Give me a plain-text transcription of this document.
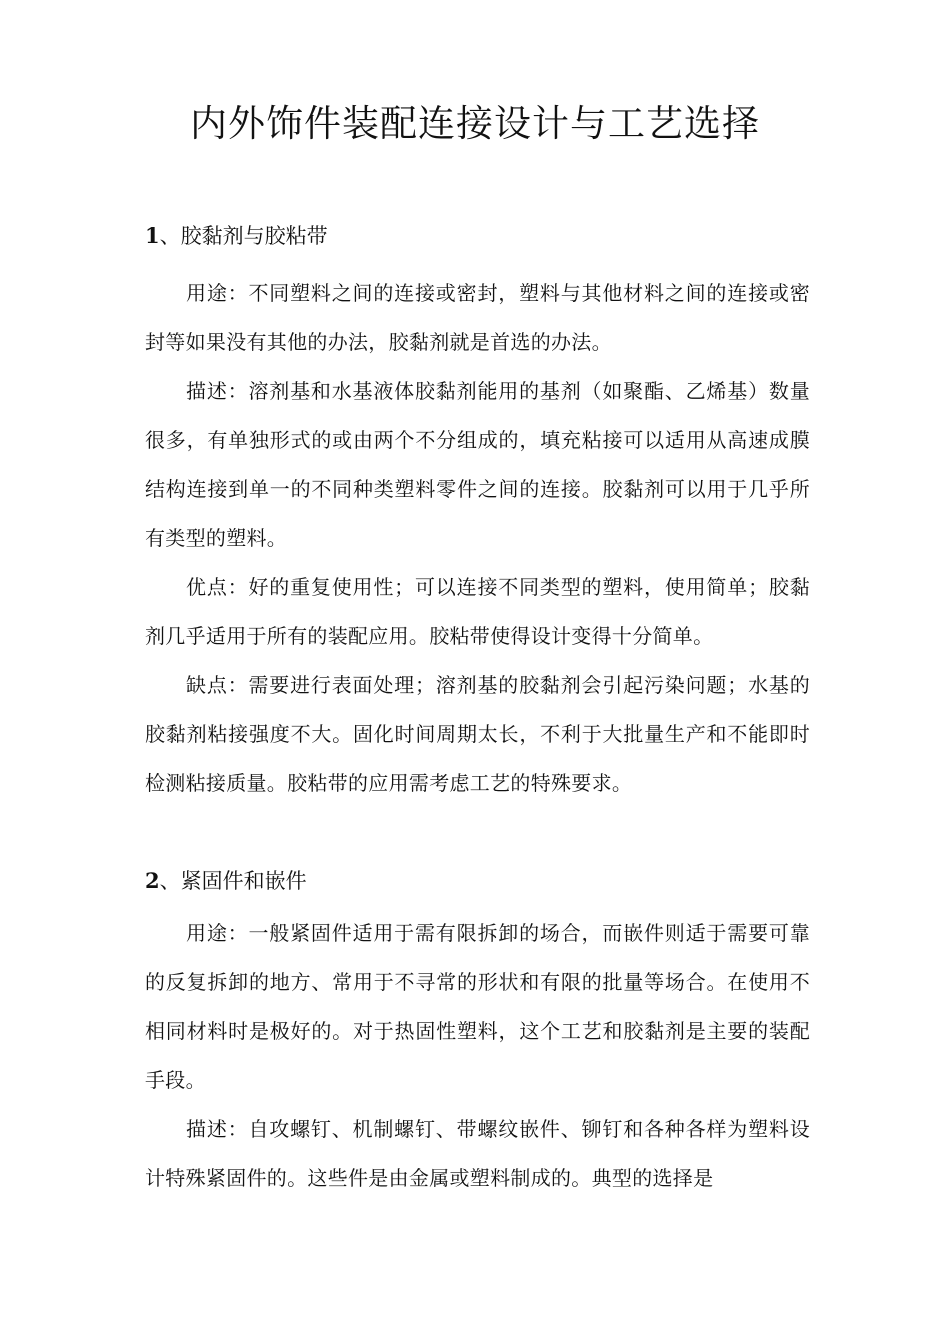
内外饰件装配连接设计与工艺选择
1、胶黏剂与胶粘带

用途：不同塑料之间的连接或密封，塑料与其他材料之间的连接或密封等如果没有其他的办法，胶黏剂就是首选的办法。

描述：溶剂基和水基液体胶黏剂能用的基剂（如聚酯、乙烯基）数量很多，有单独形式的或由两个不分组成的，填充粘接可以适用从高速成膜结构连接到单一的不同种类塑料零件之间的连接。胶黏剂可以用于几乎所有类型的塑料。

优点：好的重复使用性；可以连接不同类型的塑料，使用简单；胶黏剂几乎适用于所有的装配应用。胶粘带使得设计变得十分简单。

缺点：需要进行表面处理；溶剂基的胶黏剂会引起污染问题；水基的胶黏剂粘接强度不大。固化时间周期太长，不利于大批量生产和不能即时检测粘接质量。胶粘带的应用需考虑工艺的特殊要求。

2、紧固件和嵌件

用途：一般紧固件适用于需有限拆卸的场合，而嵌件则适于需要可靠的反复拆卸的地方、常用于不寻常的形状和有限的批量等场合。在使用不相同材料时是极好的。对于热固性塑料，这个工艺和胶黏剂是主要的装配手段。

描述：自攻螺钉、机制螺钉、带螺纹嵌件、铆钉和各种各样为塑料设计特殊紧固件的。这些件是由金属或塑料制成的。典型的选择是
